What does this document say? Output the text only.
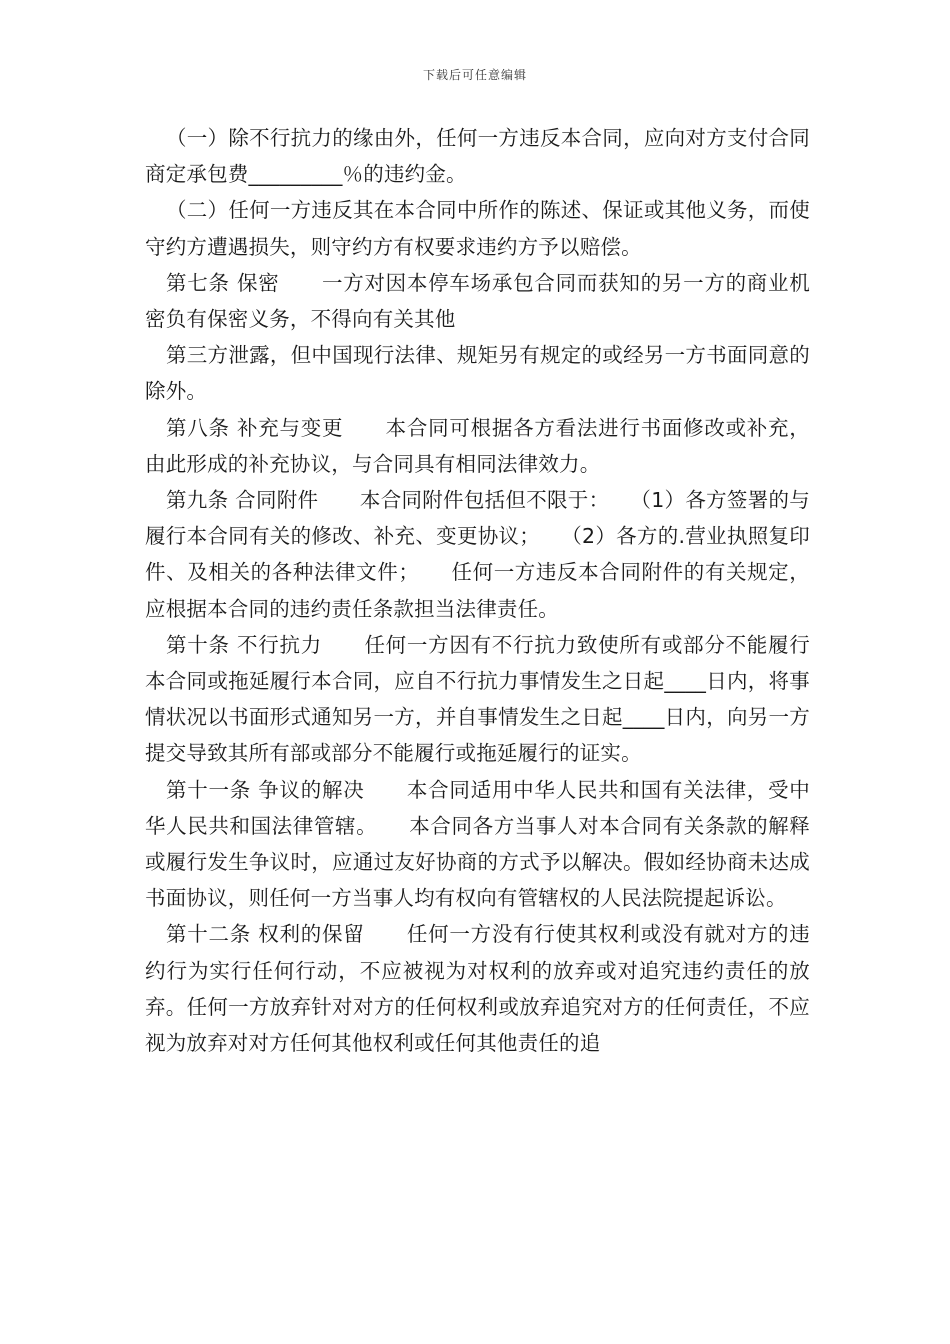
下载后可任意编辑

（一）除不行抗力的缘由外，任何一方违反本合同，应向对方支付合同商定承包费_________％的违约金。

（二）任何一方违反其在本合同中所作的陈述、保证或其他义务，而使守约方遭遇损失，则守约方有权要求违约方予以赔偿。

第七条 保密　　一方对因本停车场承包合同而获知的另一方的商业机密负有保密义务，不得向有关其他

第三方泄露，但中国现行法律、规矩另有规定的或经另一方书面同意的除外。

第八条 补充与变更　　本合同可根据各方看法进行书面修改或补充，由此形成的补充协议，与合同具有相同法律效力。

第九条 合同附件　　本合同附件包括但不限于：　　（1）各方签署的与履行本合同有关的修改、补充、变更协议；　　（2）各方的.营业执照复印件、及相关的各种法律文件；　　任何一方违反本合同附件的有关规定，应根据本合同的违约责任条款担当法律责任。

第十条 不行抗力　　任何一方因有不行抗力致使所有或部分不能履行本合同或拖延履行本合同，应自不行抗力事情发生之日起____日内，将事情状况以书面形式通知另一方，并自事情发生之日起____日内，向另一方提交导致其所有部或部分不能履行或拖延履行的证实。

第十一条 争议的解决　　本合同适用中华人民共和国有关法律，受中华人民共和国法律管辖。　　本合同各方当事人对本合同有关条款的解释或履行发生争议时，应通过友好协商的方式予以解决。假如经协商未达成书面协议，则任何一方当事人均有权向有管辖权的人民法院提起诉讼。

第十二条 权利的保留　　任何一方没有行使其权利或没有就对方的违约行为实行任何行动，不应被视为对权利的放弃或对追究违约责任的放弃。任何一方放弃针对对方的任何权利或放弃追究对方的任何责任，不应视为放弃对对方任何其他权利或任何其他责任的追
